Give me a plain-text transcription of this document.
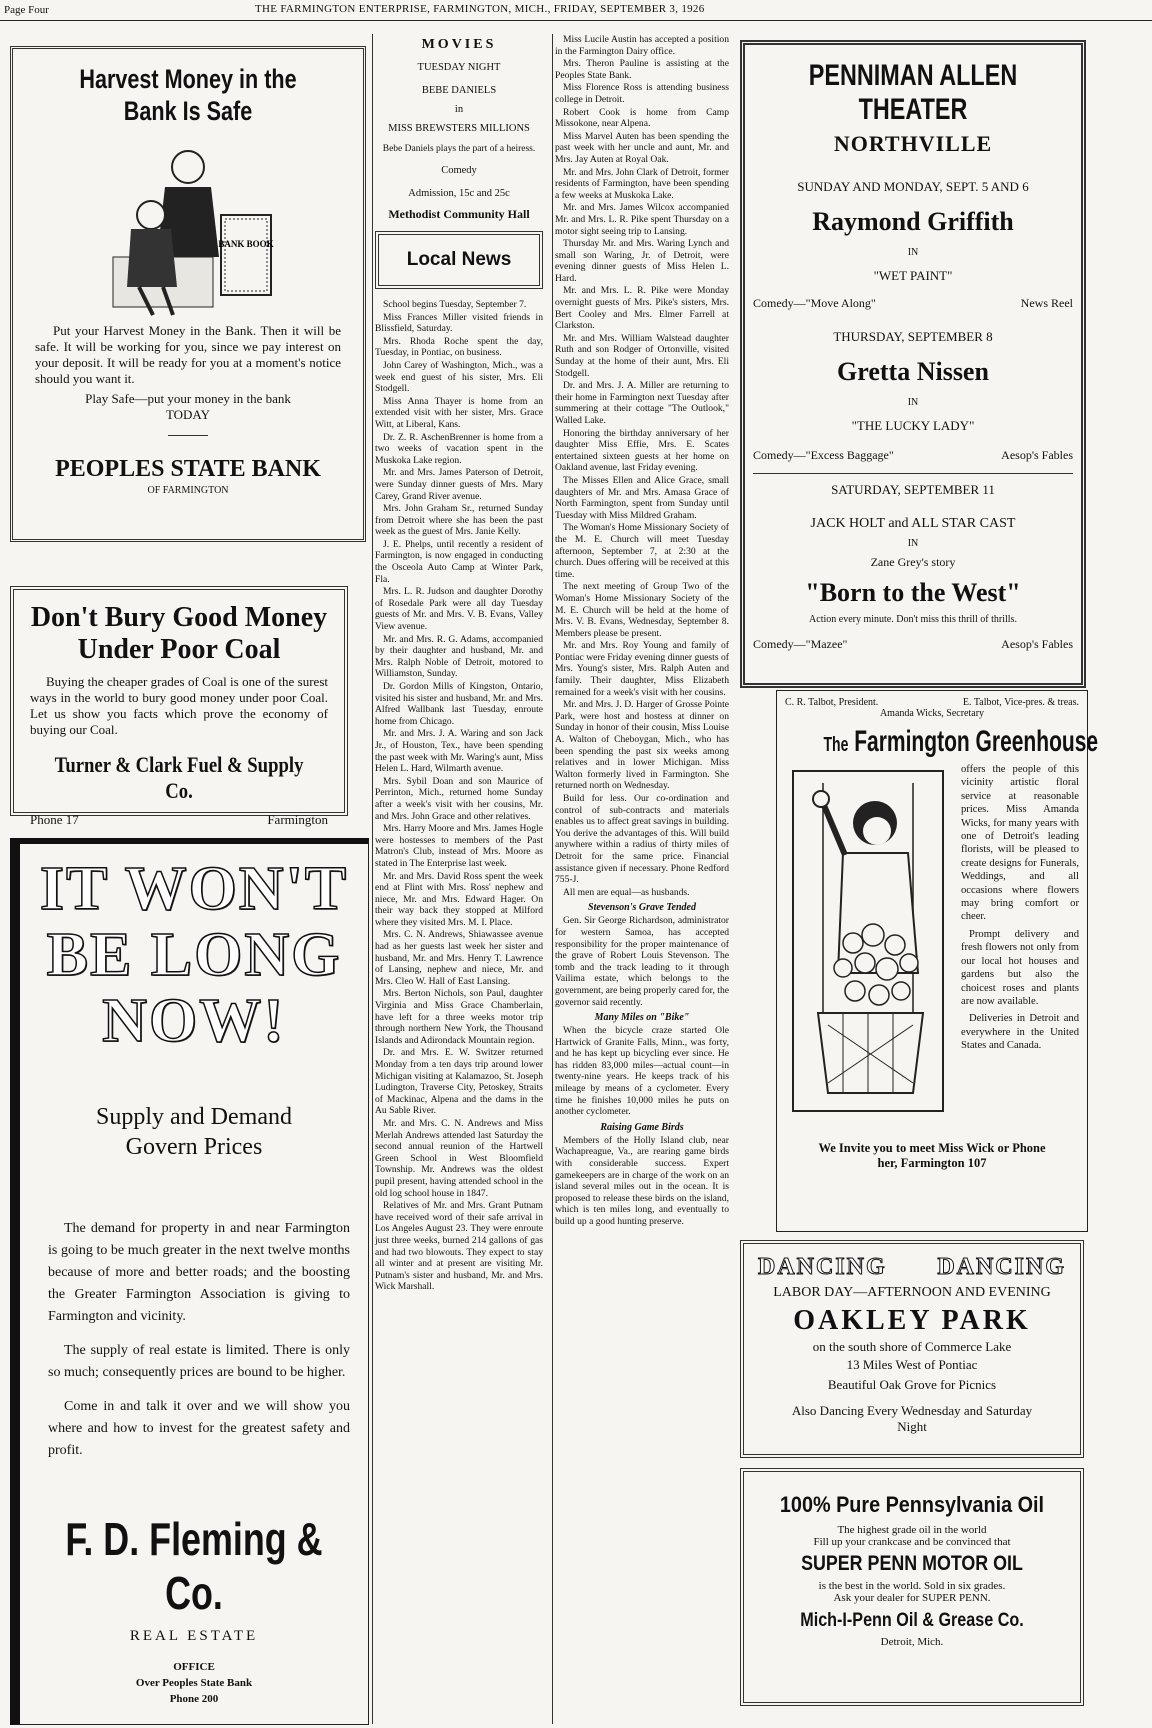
Page Four	THE FARMINGTON ENTERPRISE, FARMINGTON, MICH., FRIDAY, SEPTEMBER 3, 1926
Harvest Money in the
Bank Is Safe
BANK BOOK

Put your Harvest Money in the Bank. Then it will be safe. It will be working for you, since we pay interest on your deposit. It will be ready for you at a moment's notice should you want it.

Play Safe—put your money in the bank
TODAY
PEOPLES STATE BANK
OF FARMINGTON
Don't Bury Good Money
Under Poor Coal

Buying the cheaper grades of Coal is one of the surest ways in the world to bury good money under poor Coal. Let us show you facts which prove the economy of buying our Coal.

Turner & Clark Fuel & Supply Co.
Phone 17	Farmington
IT WON'T
BE LONG
NOW!
Supply and Demand
Govern Prices

The demand for property in and near Farmington is going to be much greater in the next twelve months because of more and better roads; and the boosting the Greater Farmington Association is giving to Farmington and vicinity.

The supply of real estate is limited. There is only so much; consequently prices are bound to be higher.

Come in and talk it over and we will show you where and how to invest for the greatest safety and profit.

F. D. Fleming & Co.
REAL ESTATE
OFFICE
Over Peoples State Bank
Phone 200
MOVIES
TUESDAY NIGHT
BEBE DANIELS
in
MISS BREWSTERS MILLIONS
Bebe Daniels plays the part of a heiress.
Comedy
Admission, 15c and 25c
Methodist Community Hall
Local News

School begins Tuesday, September 7.

Miss Frances Miller visited friends in Blissfield, Saturday.

Mrs. Rhoda Roche spent the day, Tuesday, in Pontiac, on business.

John Carey of Washington, Mich., was a week end guest of his sister, Mrs. Eli Stodgell.

Miss Anna Thayer is home from an extended visit with her sister, Mrs. Grace Witt, at Liberal, Kans.

Dr. Z. R. AschenBrenner is home from a two weeks of vacation spent in the Muskoka Lake region.

Mr. and Mrs. James Paterson of Detroit, were Sunday dinner guests of Mrs. Mary Carey, Grand River avenue.

Mrs. John Graham Sr., returned Sunday from Detroit where she has been the past week as the guest of Mrs. Janie Kelly.

J. E. Phelps, until recently a resident of Farmington, is now engaged in conducting the Osceola Auto Camp at Winter Park, Fla.

Mrs. L. R. Judson and daughter Dorothy of Rosedale Park were all day Tuesday guests of Mr. and Mrs. V. B. Evans, Valley View avenue.

Mr. and Mrs. R. G. Adams, accompanied by their daughter and husband, Mr. and Mrs. Ralph Noble of Detroit, motored to Williamston, Sunday.

Dr. Gordon Mills of Kingston, Ontario, visited his sister and husband, Mr. and Mrs. Alfred Wallbank last Tuesday, enroute home from Chicago.

Mr. and Mrs. J. A. Waring and son Jack Jr., of Houston, Tex., have been spending the past week with Mr. Waring's aunt, Miss Helen L. Hard, Wilmarth avenue.

Mrs. Sybil Doan and son Maurice of Perrinton, Mich., returned home Sunday after a week's visit with her cousins, Mr. and Mrs. John Grace and other relatives.

Mrs. Harry Moore and Mrs. James Hogle were hostesses to members of the Past Matron's Club, instead of Mrs. Moore as stated in The Enterprise last week.

Mr. and Mrs. David Ross spent the week end at Flint with Mrs. Ross' nephew and niece, Mr. and Mrs. Edward Hager. On their way back they stopped at Milford where they visited Mrs. M. I. Place.

Mrs. C. N. Andrews, Shiawassee avenue had as her guests last week her sister and husband, Mr. and Mrs. Henry T. Lawrence of Lansing, nephew and niece, Mr. and Mrs. Cleo W. Hall of East Lansing.

Mrs. Berton Nichols, son Paul, daughter Virginia and Miss Grace Chamberlain, have left for a three weeks motor trip through northern New York, the Thousand Islands and Adirondack Mountain region.

Dr. and Mrs. E. W. Switzer returned Monday from a ten days trip around lower Michigan visiting at Kalamazoo, St. Joseph Ludington, Traverse City, Petoskey, Straits of Mackinac, Alpena and the dams in the Au Sable River.

Mr. and Mrs. C. N. Andrews and Miss Merlah Andrews attended last Saturday the second annual reunion of the Hartwell Green School in West Bloomfield Township. Mr. Andrews was the oldest pupil present, having attended school in the old log school house in 1847.

Relatives of Mr. and Mrs. Grant Putnam have received word of their safe arrival in Los Angeles August 23. They were enroute just three weeks, burned 214 gallons of gas and had two blowouts. They expect to stay all winter and at present are visiting Mr. Putnam's sister and husband, Mr. and Mrs. Wick Marshall.

Miss Lucile Austin has accepted a position in the Farmington Dairy office.

Mrs. Theron Pauline is assisting at the Peoples State Bank.

Miss Florence Ross is attending business college in Detroit.

Robert Cook is home from Camp Missokone, near Alpena.

Miss Marvel Auten has been spending the past week with her uncle and aunt, Mr. and Mrs. Jay Auten at Royal Oak.

Mr. and Mrs. John Clark of Detroit, former residents of Farmington, have been spending a few weeks at Muskoka Lake.

Mr. and Mrs. James Wilcox accompanied Mr. and Mrs. L. R. Pike spent Thursday on a motor sight seeing trip to Lansing.

Thursday Mr. and Mrs. Waring Lynch and small son Waring, Jr. of Detroit, were evening dinner guests of Miss Helen L. Hard.

Mr. and Mrs. L. R. Pike were Monday overnight guests of Mrs. Pike's sisters, Mrs. Bert Cooley and Mrs. Elmer Farrell at Clarkston.

Mr. and Mrs. William Walstead daughter Ruth and son Rodger of Ortonville, visited Sunday at the home of their aunt, Mrs. Eli Stodgell.

Dr. and Mrs. J. A. Miller are returning to their home in Farmington next Tuesday after summering at their cottage "The Outlook," Walled Lake.

Honoring the birthday anniversary of her daughter Miss Effie, Mrs. E. Scates entertained sixteen guests at her home on Oakland avenue, last Friday evening.

The Misses Ellen and Alice Grace, small daughters of Mr. and Mrs. Amasa Grace of North Farmington, spent from Sunday until Tuesday with Miss Mildred Graham.

The Woman's Home Missionary Society of the M. E. Church will meet Tuesday afternoon, September 7, at 2:30 at the church. Dues offering will be received at this time.

The next meeting of Group Two of the Woman's Home Missionary Society of the M. E. Church will be held at the home of Mrs. V. B. Evans, Wednesday, September 8. Members please be present.

Mr. and Mrs. Roy Young and family of Pontiac were Friday evening dinner guests of Mrs. Young's sister, Mrs. Ralph Auten and family. Their daughter, Miss Elizabeth remained for a week's visit with her cousins.

Mr. and Mrs. J. D. Harger of Grosse Pointe Park, were host and hostess at dinner on Sunday in honor of their cousin, Miss Louise A. Walton of Cheboygan, Mich., who has been spending the past six weeks among relatives and in lower Michigan. Miss Walton formerly lived in Farmington. She returned north on Wednesday.

Build for less. Our co-ordination and control of sub-contracts and materials enables us to affect great savings in building. You derive the advantages of this. Will build anywhere within a radius of thirty miles of Detroit for the same price. Financial assistance given if necessary. Phone Redford 755-J.

All men are equal—as husbands.

Stevenson's Grave Tended

Gen. Sir George Richardson, administrator for western Samoa, has accepted responsibility for the proper maintenance of the grave of Robert Louis Stevenson. The tomb and the track leading to it through Vailima estate, which belongs to the government, are being properly cared for, the governor said recently.

Many Miles on "Bike"

When the bicycle craze started Ole Hartwick of Granite Falls, Minn., was forty, and he has kept up bicycling ever since. He has ridden 83,000 miles—actual count—in twenty-nine years. He keeps track of his mileage by means of a cyclometer. Every time he finishes 10,000 miles he puts on another cyclometer.

Raising Game Birds

Members of the Holly Island club, near Wachapreague, Va., are rearing game birds with considerable success. Expert gamekeepers are in charge of the work on an island several miles out in the ocean. It is proposed to release these birds on the island, which is ten miles long, and eventually to build up a good hunting preserve.

PENNIMAN ALLEN THEATER
NORTHVILLE
SUNDAY AND MONDAY, SEPT. 5 AND 6
Raymond Griffith
IN
"WET PAINT"
Comedy—"Move Along"	News Reel
THURSDAY, SEPTEMBER 8
Gretta Nissen
IN
"THE LUCKY LADY"
Comedy—"Excess Baggage"	Aesop's Fables
SATURDAY, SEPTEMBER 11
JACK HOLT and ALL STAR CAST
IN
Zane Grey's story
"Born to the West"
Action every minute. Don't miss this thrill of thrills.
Comedy—"Mazee"	Aesop's Fables
C. R. Talbot, President.	E. Talbot, Vice-pres. & treas.
Amanda Wicks, Secretary
The Farmington Greenhouse

offers the people of this vicinity artistic floral service at reasonable prices. Miss Amanda Wicks, for many years with one of Detroit's leading florists, will be pleased to create designs for Funerals, Weddings, and all occasions where flowers may bring comfort or cheer.

Prompt delivery and fresh flowers not only from our local hot houses and gardens but also the choicest roses and plants are now available.

Deliveries in Detroit and everywhere in the United States and Canada.

We Invite you to meet Miss Wick or Phone her, Farmington 107
DANCING DANCING
LABOR DAY—AFTERNOON AND EVENING
OAKLEY PARK
on the south shore of Commerce Lake
13 Miles West of Pontiac
Beautiful Oak Grove for Picnics
Also Dancing Every Wednesday and Saturday Night
100% Pure Pennsylvania Oil
The highest grade oil in the world
Fill up your crankcase and be convinced that
SUPER PENN MOTOR OIL
is the best in the world. Sold in six grades.
Ask your dealer for SUPER PENN.
Mich-I-Penn Oil & Grease Co.
Detroit, Mich.
